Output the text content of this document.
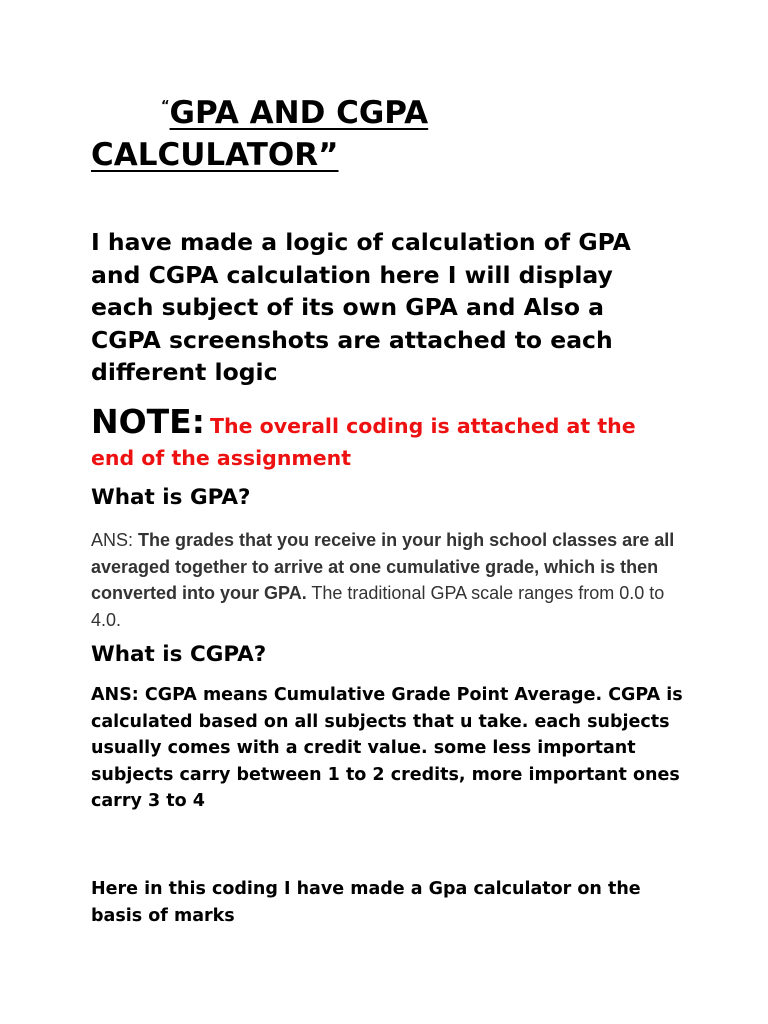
“GPA AND CGPA
CALCULATOR”

I have made a logic of calculation of GPA and CGPA calculation here I will display each subject of its own GPA and Also a CGPA screenshots are attached to each different logic

NOTE: The overall coding is attached at the end of the assignment

What is GPA?

ANS: The grades that you receive in your high school classes are all averaged together to arrive at one cumulative grade, which is then converted into your GPA. The traditional GPA scale ranges from 0.0 to 4.0.

What is CGPA?

ANS: CGPA means Cumulative Grade Point Average. CGPA is calculated based on all subjects that u take. each subjects usually comes with a credit value. some less important subjects carry between 1 to 2 credits, more important ones carry 3 to 4

Here in this coding I have made a Gpa calculator on the basis of marks
